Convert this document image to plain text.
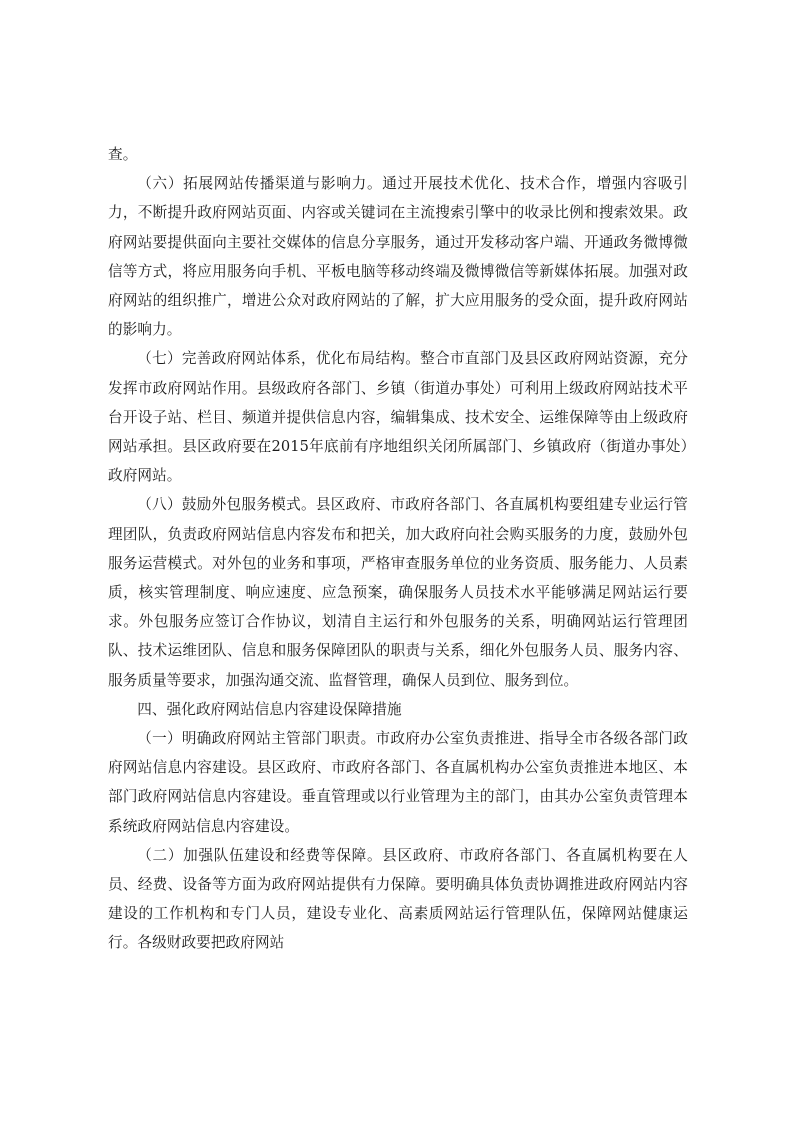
查。

（六）拓展网站传播渠道与影响力。通过开展技术优化、技术合作，增强内容吸引力，不断提升政府网站页面、内容或关键词在主流搜索引擎中的收录比例和搜索效果。政府网站要提供面向主要社交媒体的信息分享服务，通过开发移动客户端、开通政务微博微信等方式，将应用服务向手机、平板电脑等移动终端及微博微信等新媒体拓展。加强对政府网站的组织推广，增进公众对政府网站的了解，扩大应用服务的受众面，提升政府网站的影响力。

（七）完善政府网站体系，优化布局结构。整合市直部门及县区政府网站资源，充分发挥市政府网站作用。县级政府各部门、乡镇（街道办事处）可利用上级政府网站技术平台开设子站、栏目、频道并提供信息内容，编辑集成、技术安全、运维保障等由上级政府网站承担。县区政府要在2015年底前有序地组织关闭所属部门、乡镇政府（街道办事处）政府网站。

（八）鼓励外包服务模式。县区政府、市政府各部门、各直属机构要组建专业运行管理团队，负责政府网站信息内容发布和把关，加大政府向社会购买服务的力度，鼓励外包服务运营模式。对外包的业务和事项，严格审查服务单位的业务资质、服务能力、人员素质，核实管理制度、响应速度、应急预案，确保服务人员技术水平能够满足网站运行要求。外包服务应签订合作协议，划清自主运行和外包服务的关系，明确网站运行管理团队、技术运维团队、信息和服务保障团队的职责与关系，细化外包服务人员、服务内容、服务质量等要求，加强沟通交流、监督管理，确保人员到位、服务到位。

四、强化政府网站信息内容建设保障措施

（一）明确政府网站主管部门职责。市政府办公室负责推进、指导全市各级各部门政府网站信息内容建设。县区政府、市政府各部门、各直属机构办公室负责推进本地区、本部门政府网站信息内容建设。垂直管理或以行业管理为主的部门，由其办公室负责管理本系统政府网站信息内容建设。

（二）加强队伍建设和经费等保障。县区政府、市政府各部门、各直属机构要在人员、经费、设备等方面为政府网站提供有力保障。要明确具体负责协调推进政府网站内容建设的工作机构和专门人员，建设专业化、高素质网站运行管理队伍，保障网站健康运行。各级财政要把政府网站
